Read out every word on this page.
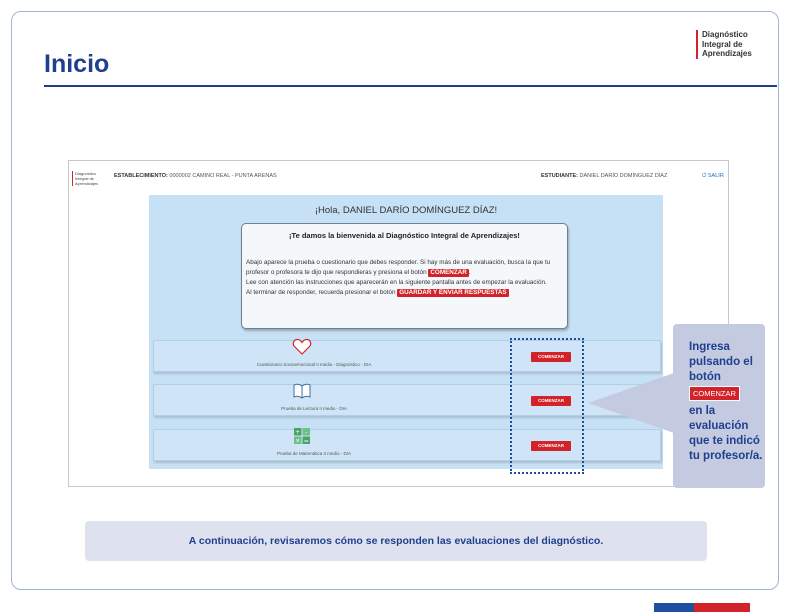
Inicio
Diagnóstico
Integral de
Aprendizajes
Diagnóstico
Integral de
Aprendizajes
ESTABLECIMIENTO: 0000002 CAMINO REAL - PUNTA ARENAS	ESTUDIANTE: DANIEL DARÍO DOMÍNGUEZ DÍAZ	⏻ SALIR
¡Hola, DANIEL DARÍO DOMÍNGUEZ DÍAZ!
¡Te damos la bienvenida al Diagnóstico Integral de Aprendizajes!
Abajo aparece la prueba o cuestionario que debes responder. Si hay más de una evaluación, busca la que tu profesor o profesora te dijo que respondieras y presiona el botón COMENZAR .
Lee con atención las instrucciones que aparecerán en la siguiente pantalla antes de empezar la evaluación.
Al terminar de responder, recuerda presionar el botón GUARDAR Y ENVIAR RESPUESTAS
Cuestionario Socioemocional II medio - Diagnóstico - DIA
COMENZAR
Prueba de Lectura II medio - DIA
COMENZAR
+ -
× =
Prueba de Matemática II medio - DIA
COMENZAR
Ingresa pulsando el botón
COMENZAR
en la evaluación que te indicó tu profesor/a.
A continuación, revisaremos cómo se responden las evaluaciones del diagnóstico.
